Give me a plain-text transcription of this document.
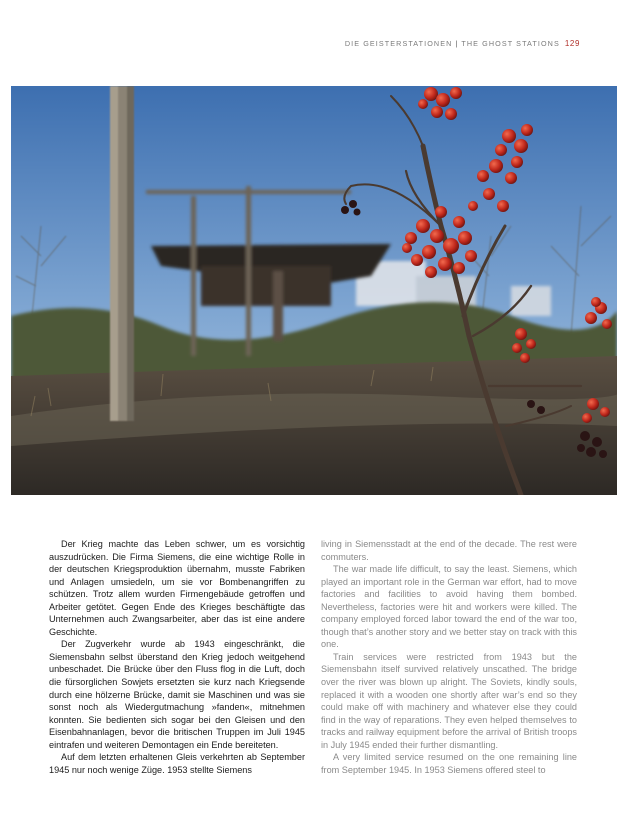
DIE GEISTERSTATIONEN | THE GHOST STATIONS 129

Der Krieg machte das Leben schwer, um es vorsichtig auszudrücken. Die Firma Siemens, die eine wichtige Rolle in der deutschen Kriegsproduktion übernahm, musste Fabriken und Anlagen umsiedeln, um sie vor Bombenangriffen zu schützen. Trotz allem wurden Firmengebäude getroffen und Arbeiter getötet. Gegen Ende des Krieges beschäftigte das Unternehmen auch Zwangsarbeiter, aber das ist eine andere Geschichte.

Der Zugverkehr wurde ab 1943 eingeschränkt, die Siemensbahn selbst überstand den Krieg jedoch weitgehend unbeschadet. Die Brücke über den Fluss flog in die Luft, doch die fürsorglichen Sowjets ersetzten sie kurz nach Kriegsende durch eine hölzerne Brücke, damit sie Maschinen und was sie sonst noch als Wiedergutmachung »fanden«, mitnehmen konnten. Sie bedienten sich sogar bei den Gleisen und den Eisenbahnanlagen, bevor die britischen Truppen im Juli 1945 eintrafen und weiteren Demontagen ein Ende bereiteten.

Auf dem letzten erhaltenen Gleis verkehrten ab September 1945 nur noch wenige Züge. 1953 stellte Siemens

living in Siemensstadt at the end of the decade. The rest were commuters.

The war made life difficult, to say the least. Siemens, which played an important role in the German war effort, had to move factories and facilities to avoid having them bombed. Nevertheless, factories were hit and workers were killed. The company employed forced labor toward the end of the war too, though that’s another story and we better stay on track with this one.

Train services were restricted from 1943 but the Siemensbahn itself survived relatively unscathed. The bridge over the river was blown up alright. The Soviets, kindly souls, replaced it with a wooden one shortly after war’s end so they could make off with machinery and whatever else they could find in the way of reparations. They even helped themselves to tracks and railway equipment before the arrival of British troops in July 1945 ended their further dismantling.

A very limited service resumed on the one remaining line from September 1945. In 1953 Siemens offered steel to
